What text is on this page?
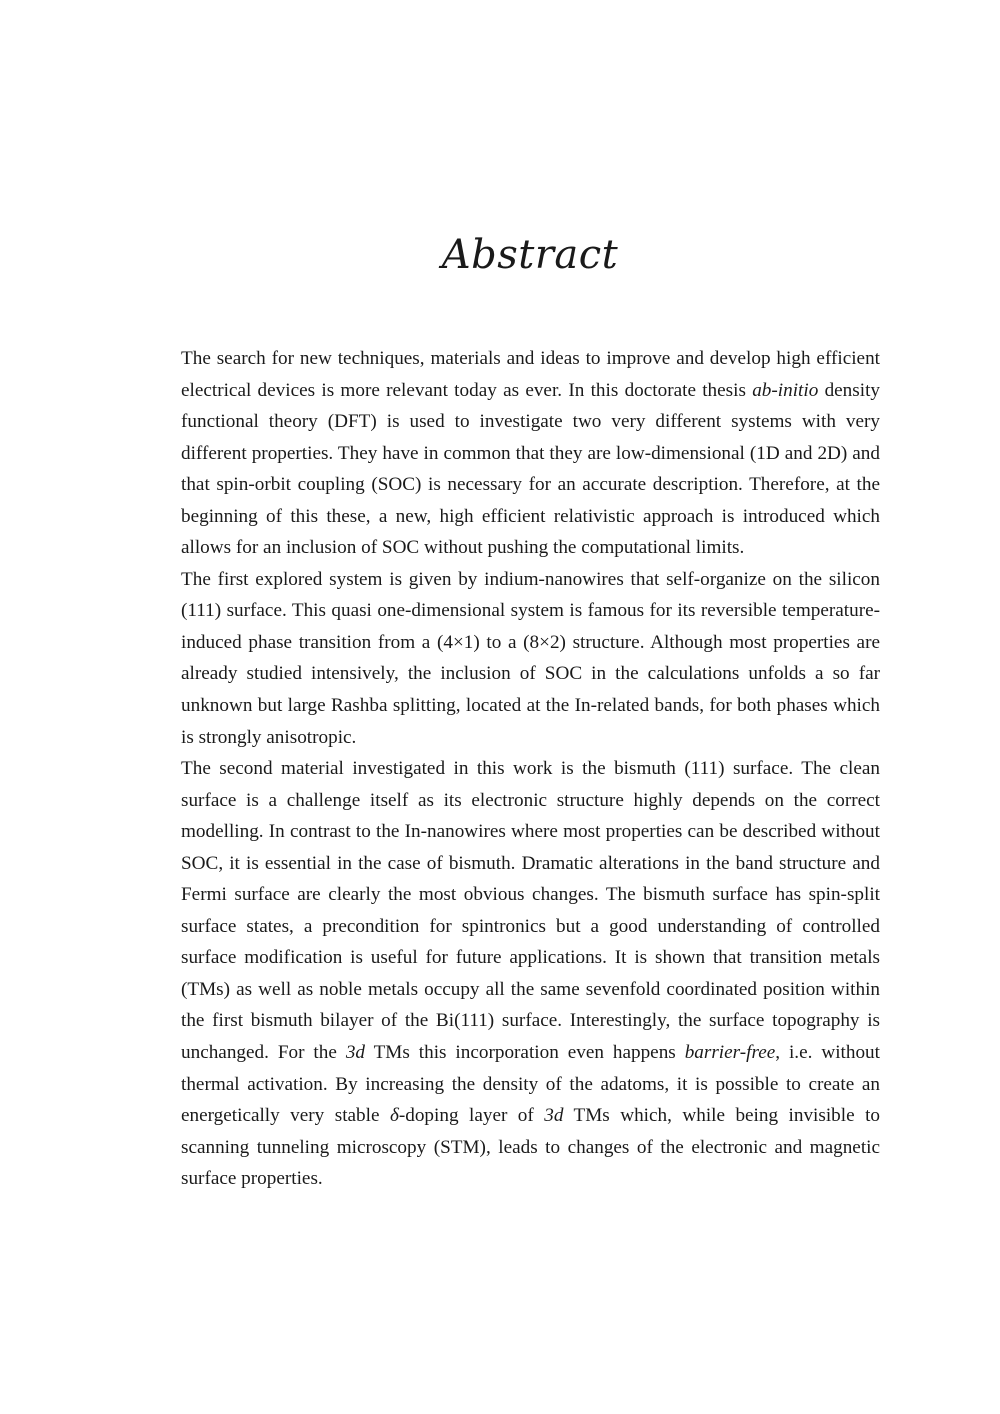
Abstract

The search for new techniques, materials and ideas to improve and develop high efficient electrical devices is more relevant today as ever. In this doctorate thesis ab-initio density functional theory (DFT) is used to investigate two very different systems with very different properties. They have in common that they are low-dimensional (1D and 2D) and that spin-orbit coupling (SOC) is necessary for an accurate description. Therefore, at the beginning of this these, a new, high efficient relativistic approach is introduced which allows for an inclusion of SOC without pushing the computational limits.

The first explored system is given by indium-nanowires that self-organize on the silicon (111) surface. This quasi one-dimensional system is famous for its reversible temperature-induced phase transition from a (4×1) to a (8×2) structure. Although most properties are already studied intensively, the inclusion of SOC in the calculations unfolds a so far unknown but large Rashba splitting, located at the In-related bands, for both phases which is strongly anisotropic.

The second material investigated in this work is the bismuth (111) surface. The clean surface is a challenge itself as its electronic structure highly depends on the correct modelling. In contrast to the In-nanowires where most properties can be described without SOC, it is essential in the case of bismuth. Dramatic alterations in the band structure and Fermi surface are clearly the most obvious changes. The bismuth surface has spin-split surface states, a precondition for spintronics but a good understanding of controlled surface modification is useful for future applications. It is shown that transition metals (TMs) as well as noble metals occupy all the same sevenfold coordinated position within the first bismuth bilayer of the Bi(111) surface. Interestingly, the surface topography is unchanged. For the 3d TMs this incorporation even happens barrier-free, i.e. without thermal activation. By increasing the density of the adatoms, it is possible to create an energetically very stable δ-doping layer of 3d TMs which, while being invisible to scanning tunneling microscopy (STM), leads to changes of the electronic and magnetic surface properties.
